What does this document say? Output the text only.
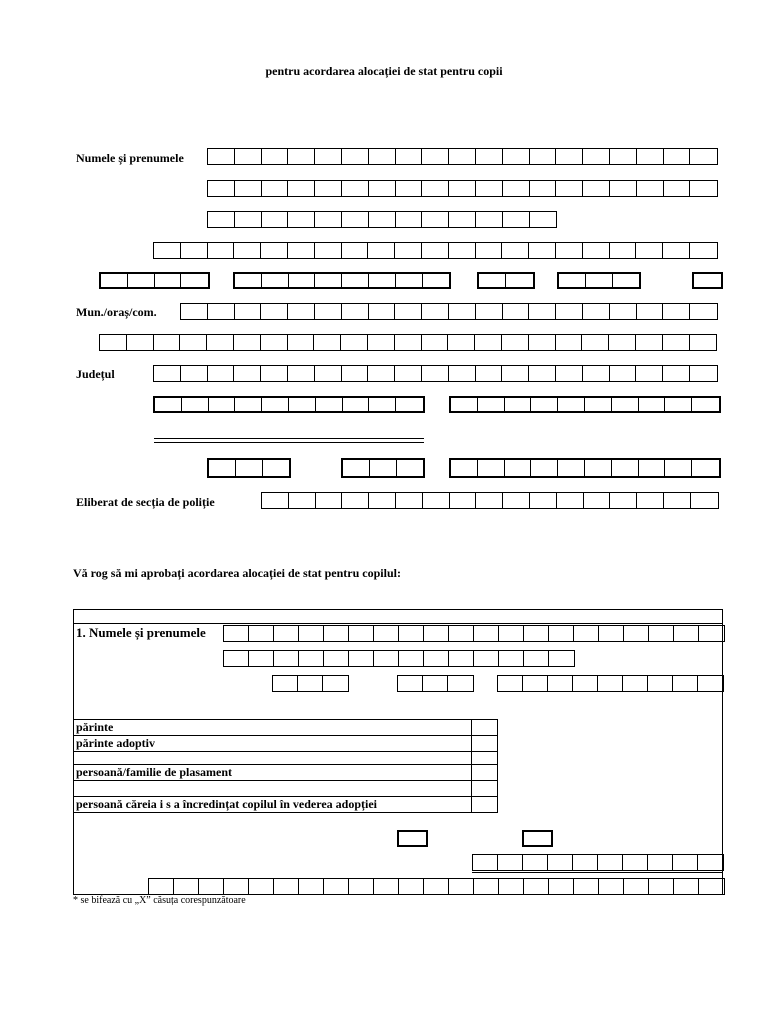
pentru acordarea alocației de stat pentru copii
Numele și prenumele
Mun./oraș/com.
Județul
Eliberat de secția de poliție
Vă rog să mi aprobați acordarea alocației de stat pentru copilul:
1. Numele și prenumele
părinte
părinte adoptiv
persoană/familie de plasament
persoană căreia i s a încredințat copilul în vederea adopției
* se bifează cu „X” căsuța corespunzătoare
